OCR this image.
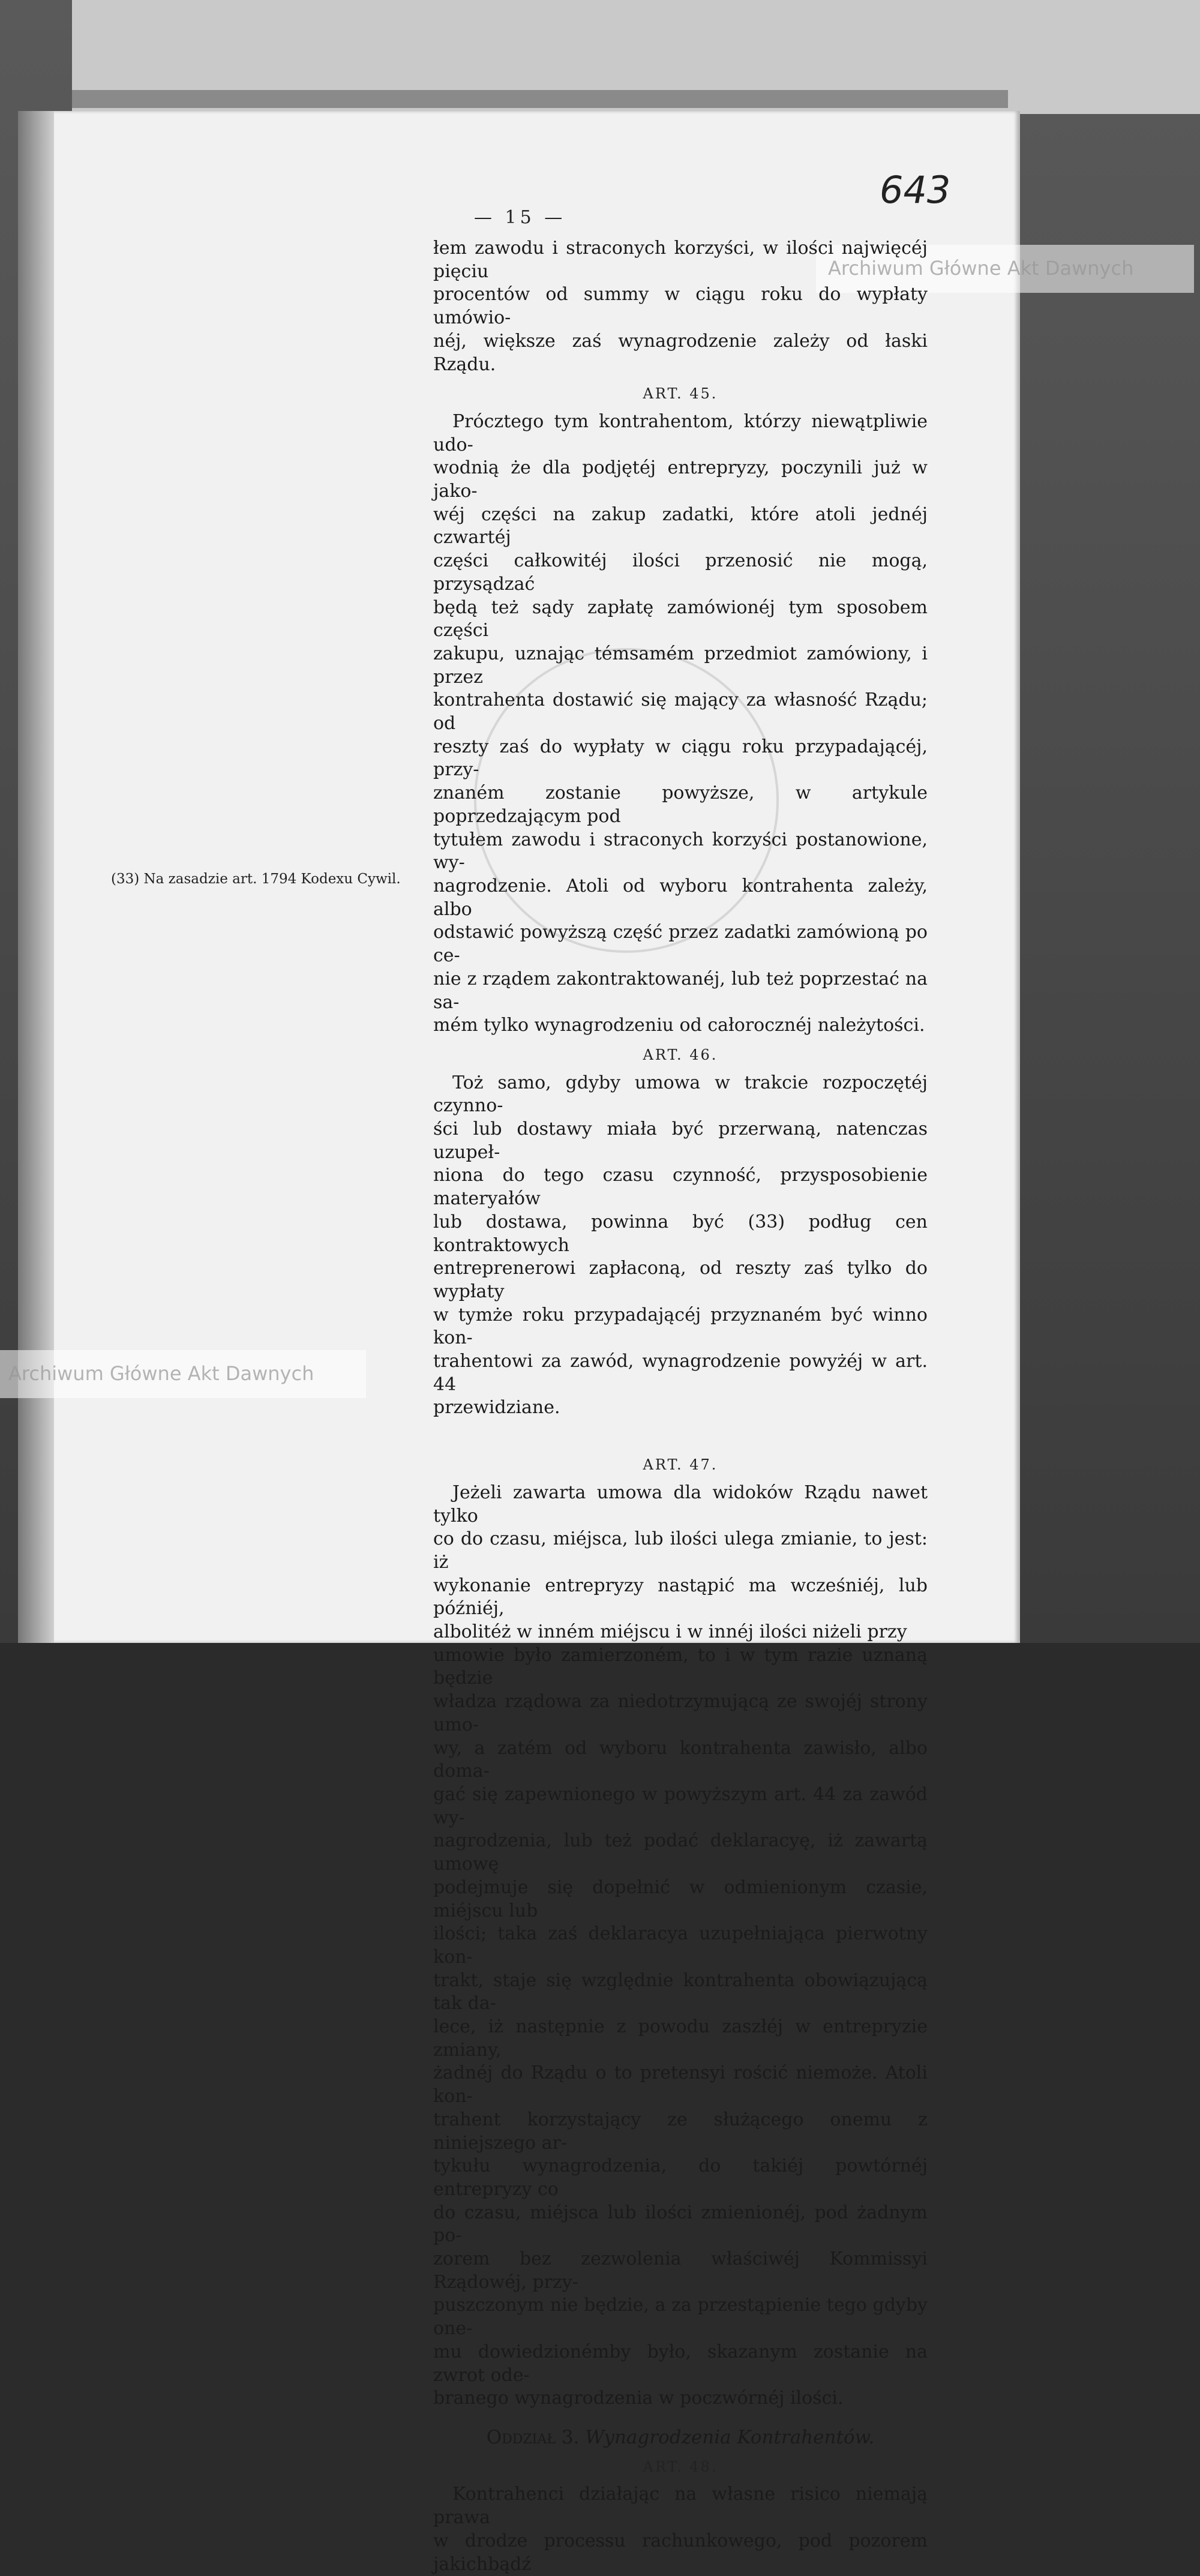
Archiwum Główne Akt Dawnych
643
— 15 —

łem zawodu i straconych korzyści, w ilości najwięcéj pięciu

procentów od summy w ciągu roku do wypłaty umówio-

néj, większe zaś wynagrodzenie zależy od łaski Rządu.

ART. 45.

Prócztego tym kontrahentom, którzy niewątpliwie udo-

wodnią że dla podjętéj entrepryzy, poczynili już w jako-

wéj części na zakup zadatki, które atoli jednéj czwartéj

części całkowitéj ilości przenosić nie mogą, przysądzać

będą też sądy zapłatę zamówionéj tym sposobem części

zakupu, uznając témsamém przedmiot zamówiony, i przez

kontrahenta dostawić się mający za własność Rządu; od

reszty zaś do wypłaty w ciągu roku przypadającéj, przy-

znaném zostanie powyższe, w artykule poprzedzającym pod

tytułem zawodu i straconych korzyści postanowione, wy-

nagrodzenie. Atoli od wyboru kontrahenta zależy, albo

odstawić powyższą część przez zadatki zamówioną po ce-

nie z rządem zakontraktowanéj, lub też poprzestać na sa-

mém tylko wynagrodzeniu od całorocznéj należytości.

ART. 46.

Toż samo, gdyby umowa w trakcie rozpoczętéj czynno-

ści lub dostawy miała być przerwaną, natenczas uzupeł-

niona do tego czasu czynność, przysposobienie materyałów

lub dostawa, powinna być (33) podług cen kontraktowych

entreprenerowi zapłaconą, od reszty zaś tylko do wypłaty

w tymże roku przypadającéj przyznaném być winno kon-

trahentowi za zawód, wynagrodzenie powyżéj w art. 44

przewidziane.

ART. 47.

Jeżeli zawarta umowa dla widoków Rządu nawet tylko

co do czasu, miéjsca, lub ilości ulega zmianie, to jest: iż

wykonanie entrepryzy nastąpić ma wcześniéj, lub późniéj,

albolitéż w inném miéjscu i w innéj ilości niżeli przy

umowie było zamierzoném, to i w tym razie uznaną będzie

władza rządowa za niedotrzymującą ze swojéj strony umo-

wy, a zatém od wyboru kontrahenta zawisło, albo doma-

gać się zapewnionego w powyższym art. 44 za zawód wy-

nagrodzenia, lub też podać deklaracyę, iż zawartą umowę

podejmuje się dopełnić w odmienionym czasie, miéjscu lub

ilości; taka zaś deklaracya uzupełniająca pierwotny kon-

trakt, staje się względnie kontrahenta obowiązującą tak da-

lece, iż następnie z powodu zaszłéj w entrepryzie zmiany,

żadnéj do Rządu o to pretensyi rościć niemoże. Atoli kon-

trahent korzystający ze służącego onemu z niniejszego ar-

tykułu wynagrodzenia, do takiéj powtórnéj entrepryzy co

do czasu, miéjsca lub ilości zmienionéj, pod żadnym po-

zorem bez zezwolenia właściwéj Kommissyi Rządowéj, przy-

puszczonym nie będzie, a za przestąpienie tego gdyby one-

mu dowiedzionémby było, skazanym zostanie na zwrot ode-

branego wynagrodzenia w poczwórnéj ilości.

Oddział 3. Wynagrodzenia Kontrahentów.
ART. 48.

Kontrahenci działając na własne risico niemają prawa

w drodze processu rachunkowego, pod pozorem jakichbądź

(33) Na zasadzie art. 1794 Kodexu Cywil.
Archiwum Główne Akt Dawnych
